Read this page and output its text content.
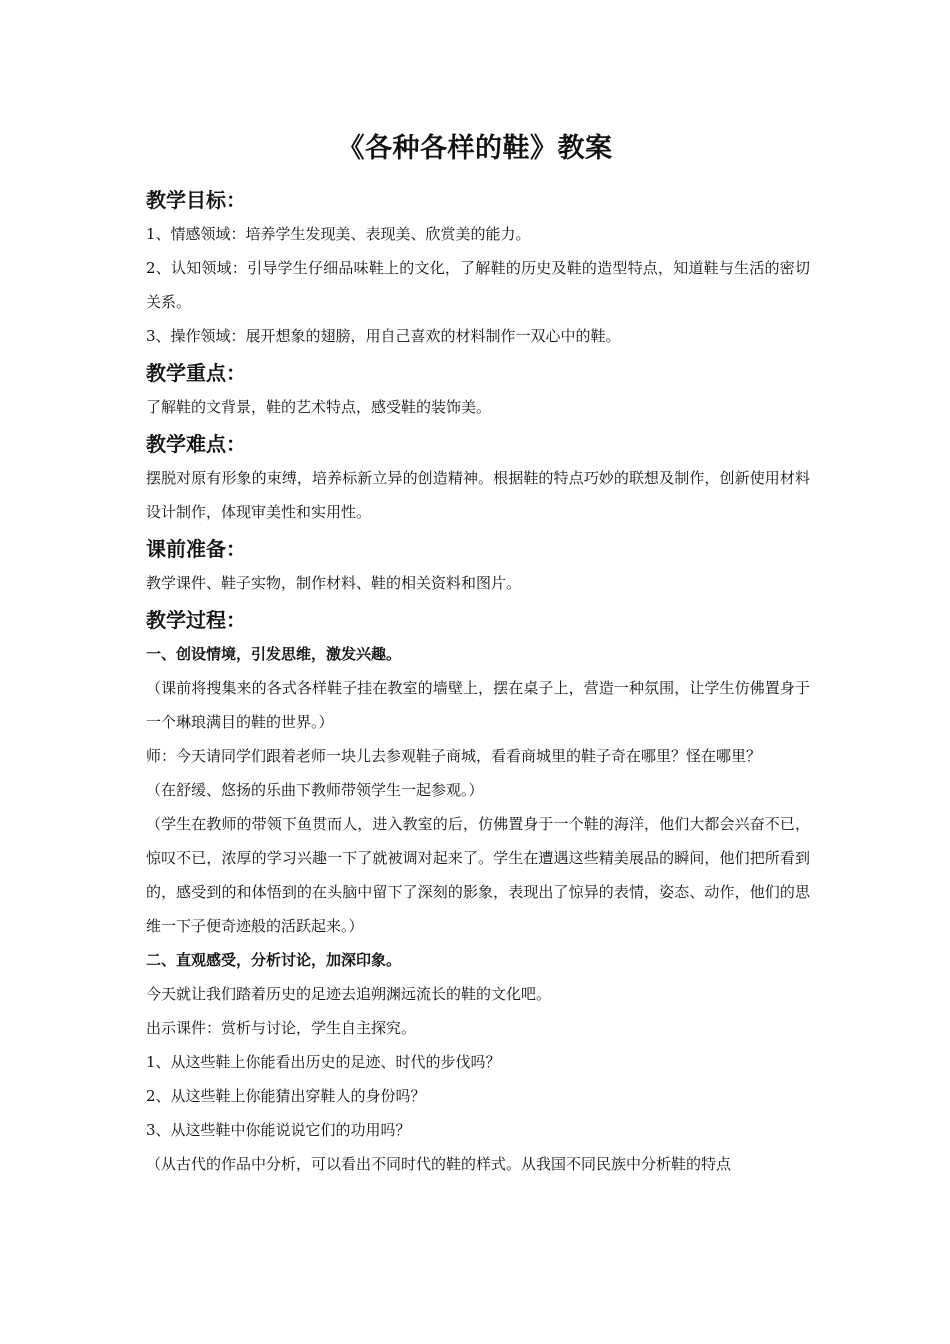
《各种各样的鞋》教案
教学目标：

1、情感领域：培养学生发现美、表现美、欣赏美的能力。

2、认知领域：引导学生仔细品味鞋上的文化，了解鞋的历史及鞋的造型特点，知道鞋与生活的密切关系。

3、操作领域：展开想象的翅膀，用自己喜欢的材料制作一双心中的鞋。

教学重点：

了解鞋的文背景，鞋的艺术特点，感受鞋的装饰美。

教学难点：

摆脱对原有形象的束缚，培养标新立异的创造精神。根据鞋的特点巧妙的联想及制作，创新使用材料设计制作，体现审美性和实用性。

课前准备：

教学课件、鞋子实物，制作材料、鞋的相关资料和图片。

教学过程：

一、创设情境，引发思维，激发兴趣。

（课前将搜集来的各式各样鞋子挂在教室的墙壁上，摆在桌子上，营造一种氛围，让学生仿佛置身于一个琳琅满目的鞋的世界。）

师：今天请同学们跟着老师一块儿去参观鞋子商城，看看商城里的鞋子奇在哪里？怪在哪里？

（在舒缓、悠扬的乐曲下教师带领学生一起参观。）

（学生在教师的带领下鱼贯而人，进入教室的后，仿佛置身于一个鞋的海洋，他们大都会兴奋不已，惊叹不已，浓厚的学习兴趣一下了就被调对起来了。学生在遭遇这些精美展品的瞬间，他们把所看到的，感受到的和体悟到的在头脑中留下了深刻的影象，表现出了惊异的表情，姿态、动作，他们的思维一下子便奇迹般的活跃起来。）

二、直观感受，分析讨论，加深印象。

今天就让我们踏着历史的足迹去追朔渊远流长的鞋的文化吧。

出示课件：赏析与讨论，学生自主探究。

1、从这些鞋上你能看出历史的足迹、时代的步伐吗？

2、从这些鞋上你能猜出穿鞋人的身份吗？

3、从这些鞋中你能说说它们的功用吗？

（从古代的作品中分析，可以看出不同时代的鞋的样式。从我国不同民族中分析鞋的特点
